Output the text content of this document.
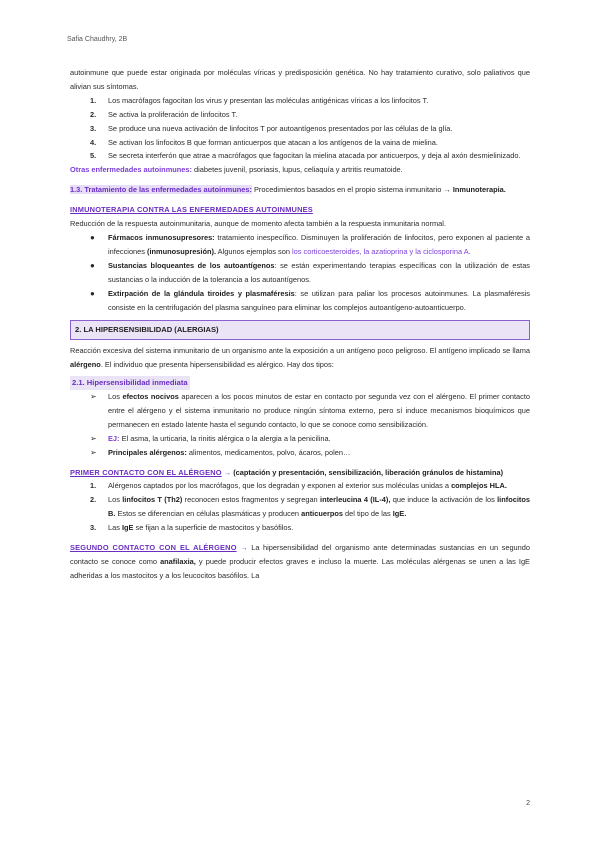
Safia Chaudhry, 2B

autoinmune que puede estar originada por moléculas víricas y predisposición genética. No hay tratamiento curativo, solo paliativos que alivian sus síntomas.

1. Los macrófagos fagocitan los virus y presentan las moléculas antigénicas víricas a los linfocitos T.
2. Se activa la proliferación de linfocitos T.
3. Se produce una nueva activación de linfocitos T por autoantígenos presentados por las células de la glía.
4. Se activan los linfocitos B que forman anticuerpos que atacan a los antígenos de la vaina de mielina.
5. Se secreta interferón que atrae a macrófagos que fagocitan la mielina atacada por anticuerpos, y deja al axón desmielinizado.

Otras enfermedades autoinmunes: diabetes juvenil, psoriasis, lupus, celiaquía y artritis reumatoide.

1.3. Tratamiento de las enfermedades autoinmunes: Procedimientos basados en el propio sistema inmunitario → Inmunoterapia.

INMUNOTERAPIA CONTRA LAS ENFERMEDADES AUTOINMUNES

Reducción de la respuesta autoinmunitaria, aunque de momento afecta también a la respuesta inmunitaria normal.

● Fármacos inmunosupresores: tratamiento inespecífico. Disminuyen la proliferación de linfocitos, pero exponen al paciente a infecciones (inmunosupresión). Algunos ejemplos son los corticoesteroides, la azatioprina y la ciclosporina A.
● Sustancias bloqueantes de los autoantígenos: se están experimentando terapias específicas con la utilización de estas sustancias o la inducción de la tolerancia a los autoantígenos.
● Extirpación de la glándula tiroides y plasmaféresis: se utilizan para paliar los procesos autoinmunes. La plasmaféresis consiste en la centrifugación del plasma sanguíneo para eliminar los complejos autoantígeno-autoanticuerpo.
2. LA HIPERSENSIBILIDAD (ALERGIAS)

Reacción excesiva del sistema inmunitario de un organismo ante la exposición a un antígeno poco peligroso. El antígeno implicado se llama alérgeno. El individuo que presenta hipersensibilidad es alérgico. Hay dos tipos:

2.1. Hipersensibilidad inmediata
➢ Los efectos nocivos aparecen a los pocos minutos de estar en contacto por segunda vez con el alérgeno. El primer contacto entre el alérgeno y el sistema inmunitario no produce ningún síntoma externo, pero sí induce mecanismos bioquímicos que permanecen en estado latente hasta el segundo contacto, lo que se conoce como sensibilización.
➢ EJ: El asma, la urticaria, la rinitis alérgica o la alergia a la penicilina.
➢ Principales alérgenos: alimentos, medicamentos, polvo, ácaros, polen…

PRIMER CONTACTO CON EL ALÉRGENO → (captación y presentación, sensibilización, liberación gránulos de histamina)

1. Alérgenos captados por los macrófagos, que los degradan y exponen al exterior sus moléculas unidas a complejos HLA.
2. Los linfocitos T (Th2) reconocen estos fragmentos y segregan interleucina 4 (IL-4), que induce la activación de los linfocitos B. Estos se diferencian en células plasmáticas y producen anticuerpos del tipo de las IgE.
3. Las IgE se fijan a la superficie de mastocitos y basófilos.

SEGUNDO CONTACTO CON EL ALÉRGENO → La hipersensibilidad del organismo ante determinadas sustancias en un segundo contacto se conoce como anafilaxia, y puede producir efectos graves e incluso la muerte. Las moléculas alérgenas se unen a las IgE adheridas a los mastocitos y a los leucocitos basófilos. La

2
